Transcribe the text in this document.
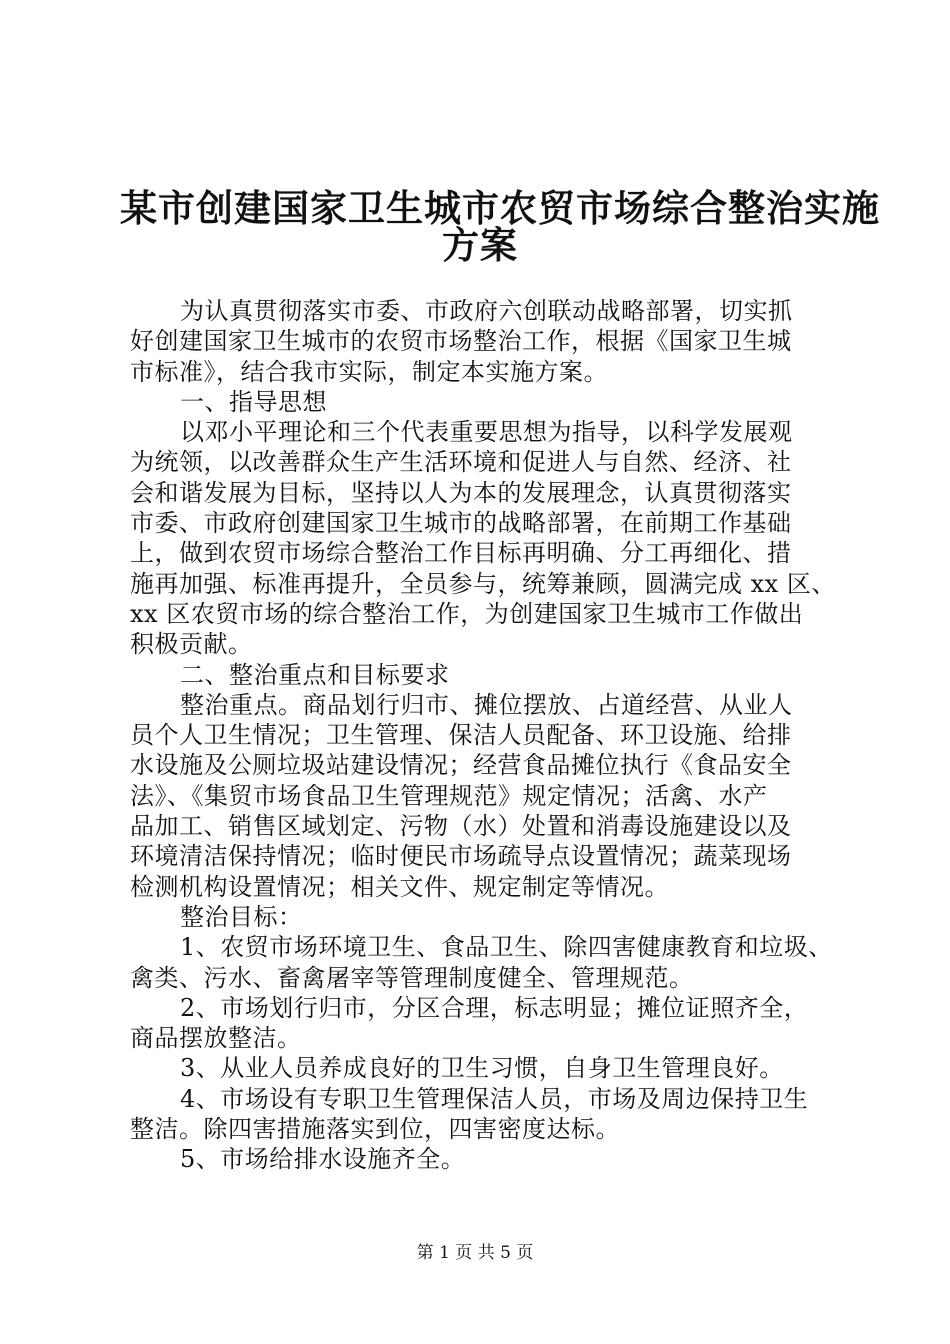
某市创建国家卫生城市农贸市场综合整治实施
方案
为认真贯彻落实市委、市政府六创联动战略部署，切实抓
好创建国家卫生城市的农贸市场整治工作，根据《国家卫生城
市标准》，结合我市实际，制定本实施方案。
一、指导思想
以邓小平理论和三个代表重要思想为指导，以科学发展观
为统领，以改善群众生产生活环境和促进人与自然、经济、社
会和谐发展为目标，坚持以人为本的发展理念，认真贯彻落实
市委、市政府创建国家卫生城市的战略部署，在前期工作基础
上，做到农贸市场综合整治工作目标再明确、分工再细化、措
施再加强、标准再提升，全员参与，统筹兼顾，圆满完成 xx 区、
xx 区农贸市场的综合整治工作，为创建国家卫生城市工作做出
积极贡献。
二、整治重点和目标要求
整治重点。商品划行归市、摊位摆放、占道经营、从业人
员个人卫生情况；卫生管理、保洁人员配备、环卫设施、给排
水设施及公厕垃圾站建设情况；经营食品摊位执行《食品安全
法》、《集贸市场食品卫生管理规范》规定情况；活禽、水产
品加工、销售区域划定、污物（水）处置和消毒设施建设以及
环境清洁保持情况；临时便民市场疏导点设置情况；蔬菜现场
检测机构设置情况；相关文件、规定制定等情况。
整治目标：
1、农贸市场环境卫生、食品卫生、除四害健康教育和垃圾、
禽类、污水、畜禽屠宰等管理制度健全、管理规范。
2、市场划行归市，分区合理，标志明显；摊位证照齐全，
商品摆放整洁。
3、从业人员养成良好的卫生习惯，自身卫生管理良好。
4、市场设有专职卫生管理保洁人员，市场及周边保持卫生
整洁。除四害措施落实到位，四害密度达标。
5、市场给排水设施齐全。
第 1 页 共 5 页
